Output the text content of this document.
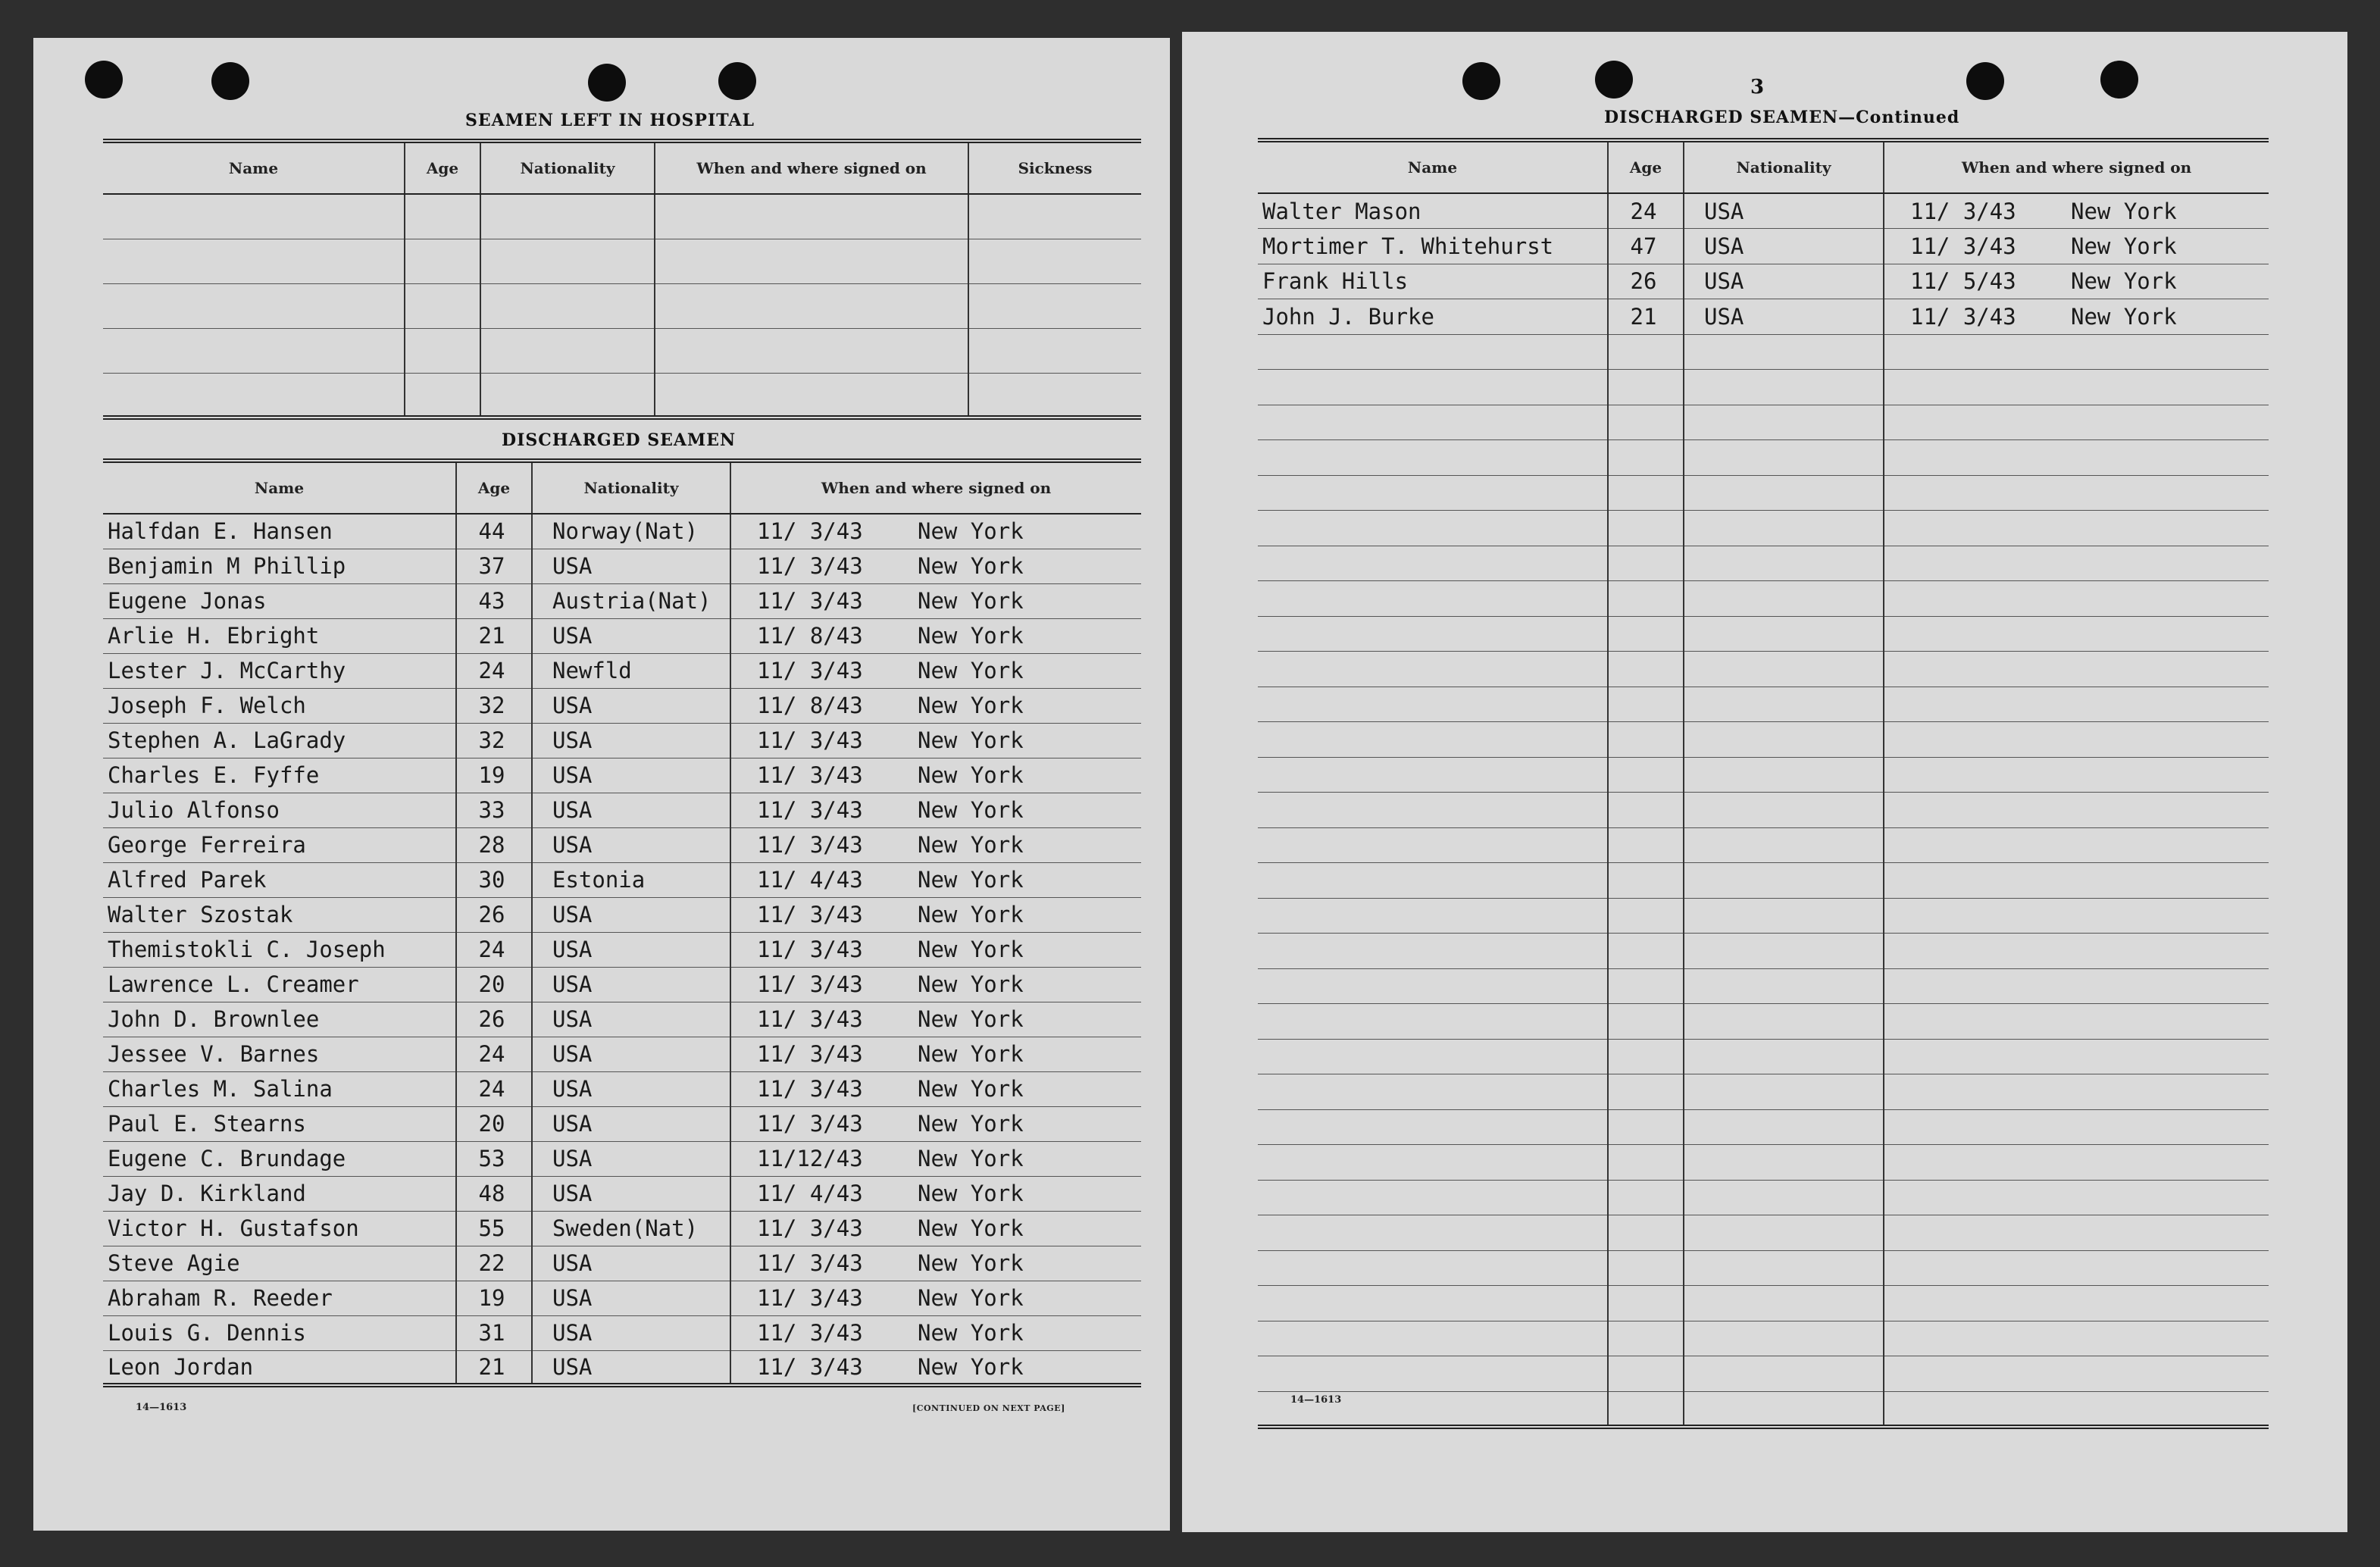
SEAMEN LEFT IN HOSPITAL
Name	Age	Nationality	When and where signed on	Sickness

DISCHARGED SEAMEN
Name	Age	Nationality	When and where signed on
Halfdan E. Hansen	44	Norway(Nat)	11/ 3/43 New York
Benjamin M Phillip	37	USA	11/ 3/43 New York
Eugene Jonas	43	Austria(Nat)	11/ 3/43 New York
Arlie H. Ebright	21	USA	11/ 8/43 New York
Lester J. McCarthy	24	Newfld	11/ 3/43 New York
Joseph F. Welch	32	USA	11/ 8/43 New York
Stephen A. LaGrady	32	USA	11/ 3/43 New York
Charles E. Fyffe	19	USA	11/ 3/43 New York
Julio Alfonso	33	USA	11/ 3/43 New York
George Ferreira	28	USA	11/ 3/43 New York
Alfred Parek	30	Estonia	11/ 4/43 New York
Walter Szostak	26	USA	11/ 3/43 New York
Themistokli C. Joseph	24	USA	11/ 3/43 New York
Lawrence L. Creamer	20	USA	11/ 3/43 New York
John D. Brownlee	26	USA	11/ 3/43 New York
Jessee V. Barnes	24	USA	11/ 3/43 New York
Charles M. Salina	24	USA	11/ 3/43 New York
Paul E. Stearns	20	USA	11/ 3/43 New York
Eugene C. Brundage	53	USA	11/12/43 New York
Jay D. Kirkland	48	USA	11/ 4/43 New York
Victor H. Gustafson	55	Sweden(Nat)	11/ 3/43 New York
Steve Agie	22	USA	11/ 3/43 New York
Abraham R. Reeder	19	USA	11/ 3/43 New York
Louis G. Dennis	31	USA	11/ 3/43 New York
Leon Jordan	21	USA	11/ 3/43 New York
14—1613	[CONTINUED ON NEXT PAGE]
3
DISCHARGED SEAMEN—Continued
Name	Age	Nationality	When and where signed on
Walter Mason	24	USA	11/ 3/43 New York
Mortimer T. Whitehurst	47	USA	11/ 3/43 New York
Frank Hills	26	USA	11/ 5/43 New York
John J. Burke	21	USA	11/ 3/43 New York

14—1613
